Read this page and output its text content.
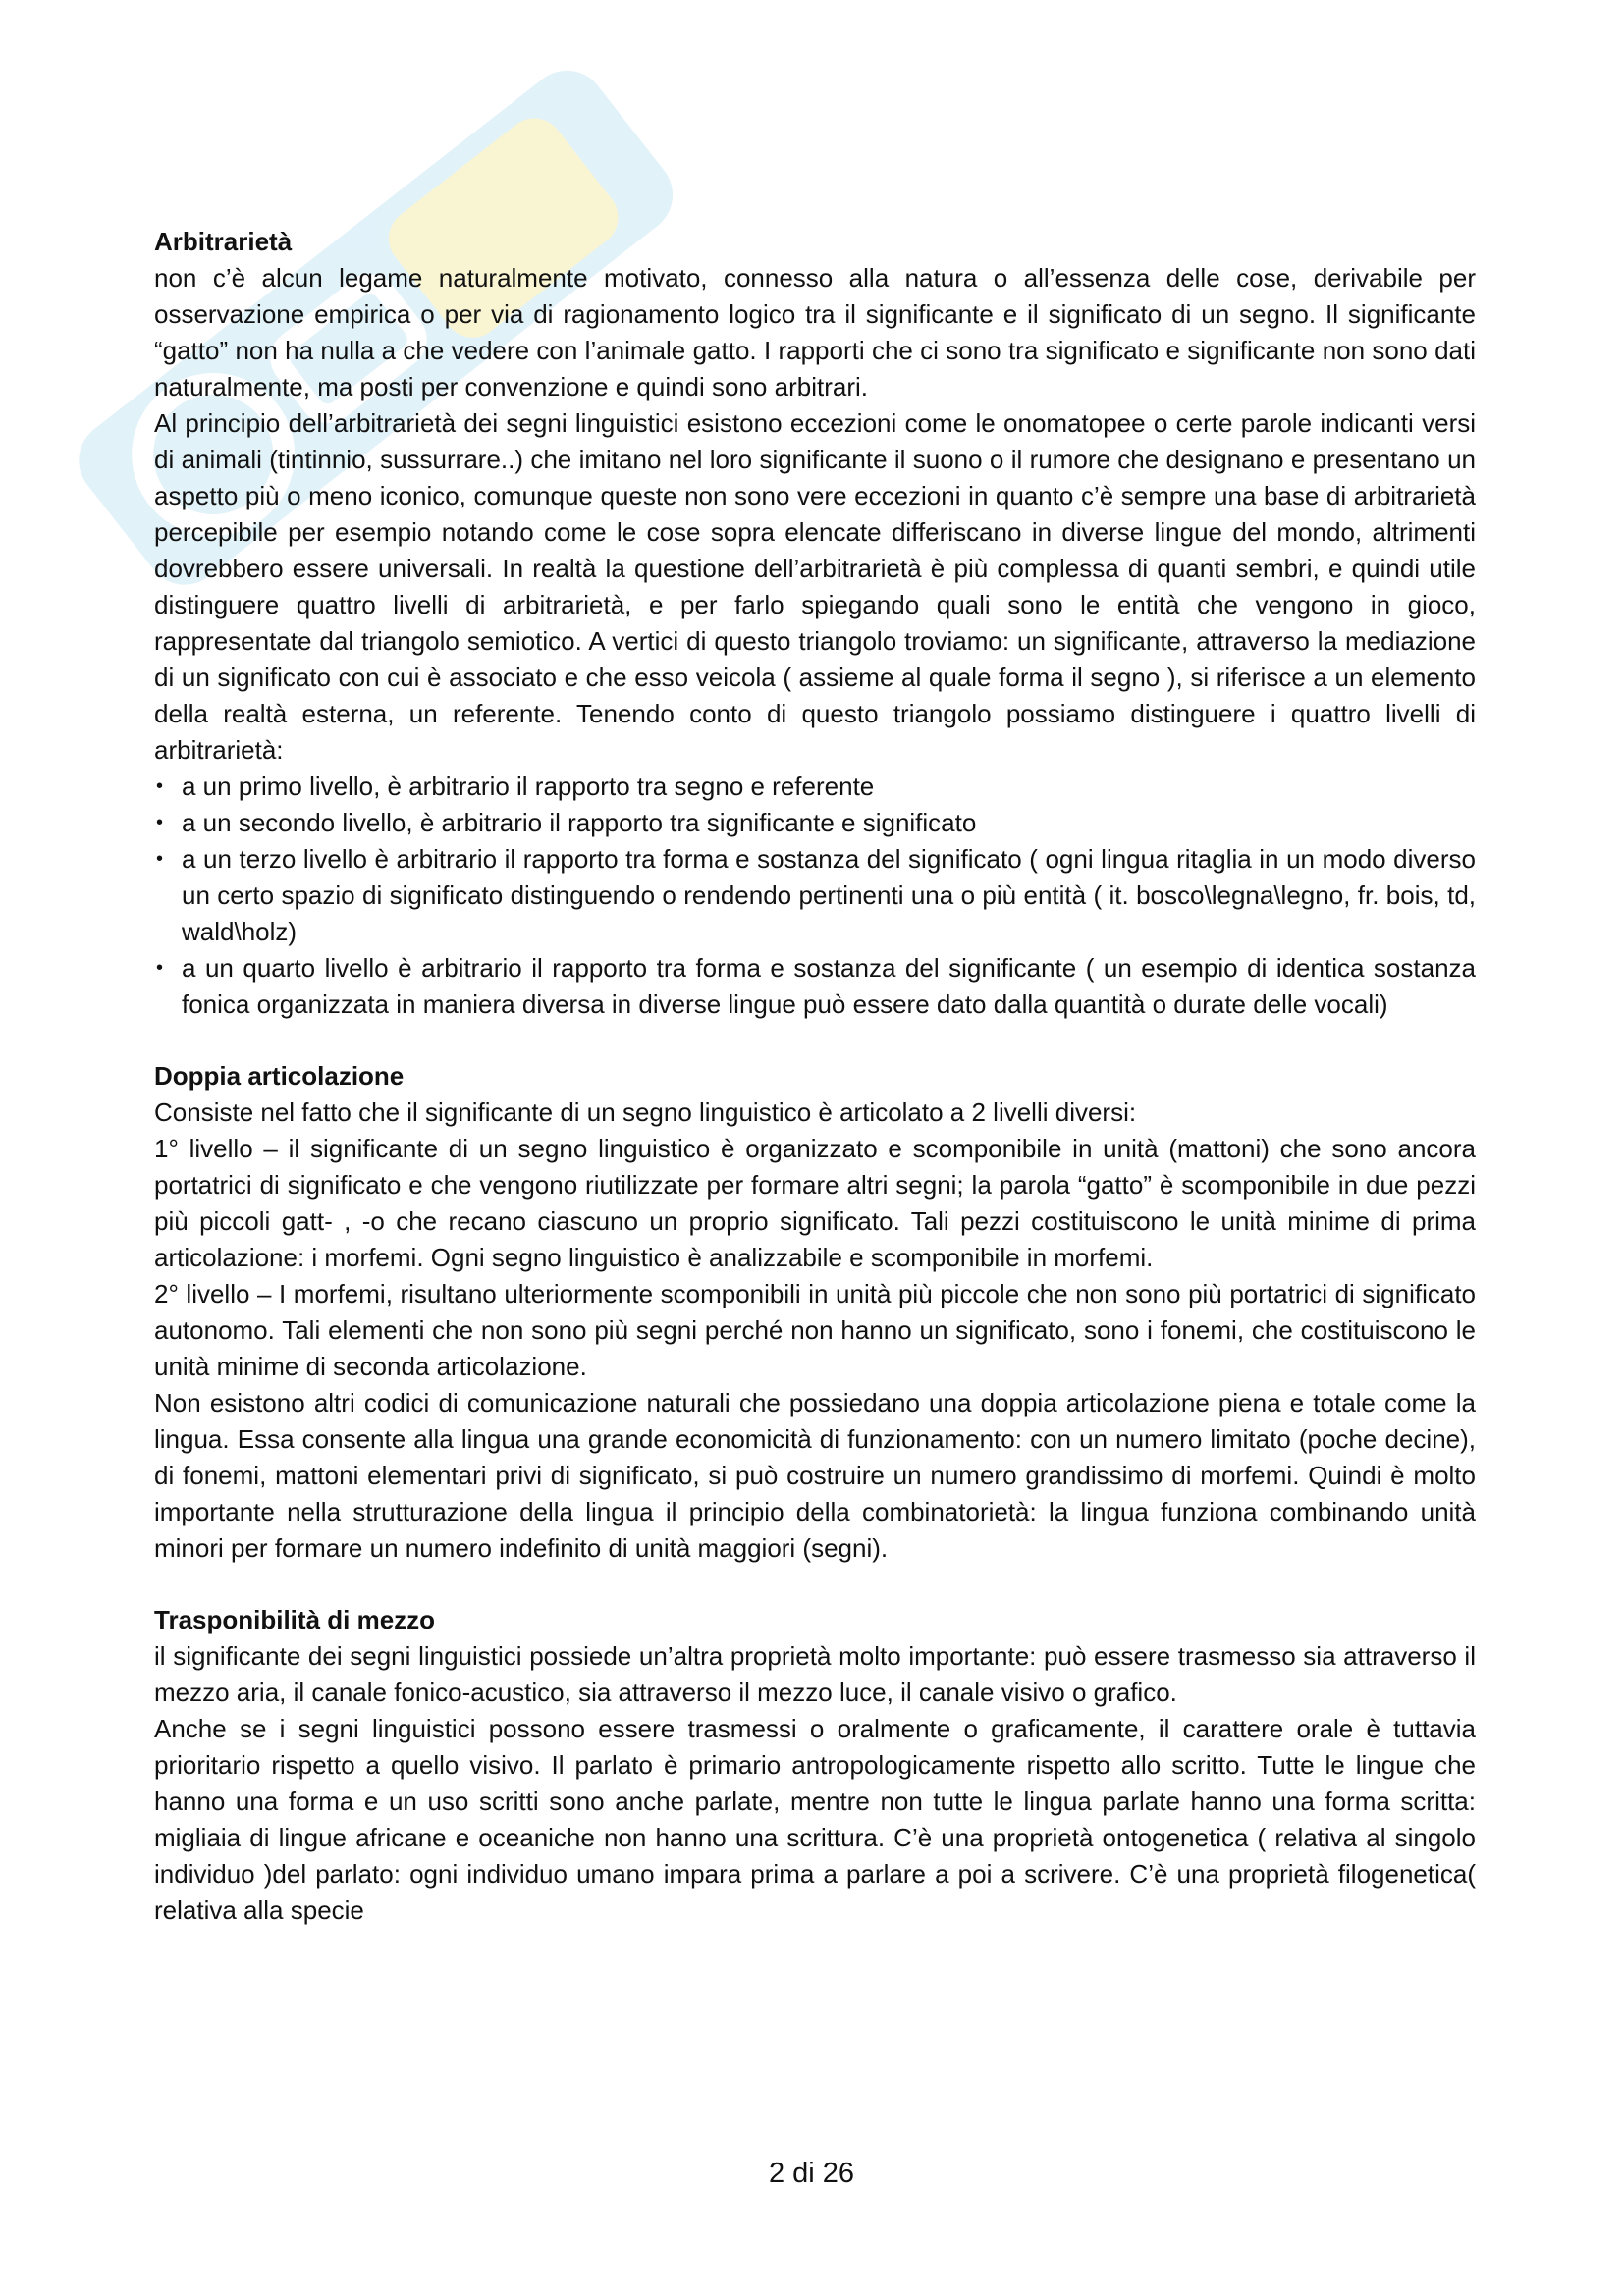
Arbitrarietà

non c’è alcun legame naturalmente motivato, connesso alla natura o all’essenza delle cose, derivabile per osservazione empirica o per via di ragionamento logico tra il significante e il significato di un segno. Il significante “gatto” non ha nulla a che vedere con l’animale gatto. I rapporti che ci sono tra significato e significante non sono dati naturalmente, ma posti per convenzione e quindi sono arbitrari.

Al principio dell’arbitrarietà dei segni linguistici esistono eccezioni come le onomatopee o certe parole indicanti versi di animali (tintinnio, sussurrare..) che imitano nel loro significante il suono o il rumore che designano e presentano un aspetto più o meno iconico, comunque queste non sono vere eccezioni in quanto c’è sempre una base di arbitrarietà percepibile per esempio notando come le cose sopra elencate differiscano in diverse lingue del mondo, altrimenti dovrebbero essere universali. In realtà la questione dell’arbitrarietà è più complessa di quanti sembri, e quindi utile distinguere quattro livelli di arbitrarietà, e per farlo spiegando quali sono le entità che vengono in gioco, rappresentate dal triangolo semiotico. A vertici di questo triangolo troviamo: un significante, attraverso la mediazione di un significato con cui è associato e che esso veicola ( assieme al quale forma il segno ), si riferisce a un elemento della realtà esterna, un referente. Tenendo conto di questo triangolo possiamo distinguere i quattro livelli di arbitrarietà:

• a un primo livello, è arbitrario il rapporto tra segno e referente
• a un secondo livello, è arbitrario il rapporto tra significante e significato
• a un terzo livello è arbitrario il rapporto tra forma e sostanza del significato ( ogni lingua ritaglia in un modo diverso un certo spazio di significato distinguendo o rendendo pertinenti una o più entità ( it. bosco\legna\legno, fr. bois, td, wald\holz)
• a un quarto livello è arbitrario il rapporto tra forma e sostanza del significante ( un esempio di identica sostanza fonica organizzata in maniera diversa in diverse lingue può essere dato dalla quantità o durate delle vocali)

Doppia articolazione

Consiste nel fatto che il significante di un segno linguistico è articolato a 2 livelli diversi:

1° livello – il significante di un segno linguistico è organizzato e scomponibile in unità (mattoni) che sono ancora portatrici di significato e che vengono riutilizzate per formare altri segni; la parola “gatto” è scomponibile in due pezzi più piccoli gatt- , -o che recano ciascuno un proprio significato. Tali pezzi costituiscono le unità minime di prima articolazione: i morfemi. Ogni segno linguistico è analizzabile e scomponibile in morfemi.

2° livello – I morfemi, risultano ulteriormente scomponibili in unità più piccole che non sono più portatrici di significato autonomo. Tali elementi che non sono più segni perché non hanno un significato, sono i fonemi, che costituiscono le unità minime di seconda articolazione.

Non esistono altri codici di comunicazione naturali che possiedano una doppia articolazione piena e totale come la lingua. Essa consente alla lingua una grande economicità di funzionamento: con un numero limitato (poche decine), di fonemi, mattoni elementari privi di significato, si può costruire un numero grandissimo di morfemi. Quindi è molto importante nella strutturazione della lingua il principio della combinatorietà: la lingua funziona combinando unità minori per formare un numero indefinito di unità maggiori (segni).

Trasponibilità di mezzo

il significante dei segni linguistici possiede un’altra proprietà molto importante: può essere trasmesso sia attraverso il mezzo aria, il canale fonico-acustico, sia attraverso il mezzo luce, il canale visivo o grafico.

Anche se i segni linguistici possono essere trasmessi o oralmente o graficamente, il carattere orale è tuttavia prioritario rispetto a quello visivo. Il parlato è primario antropologicamente rispetto allo scritto. Tutte le lingue che hanno una forma e un uso scritti sono anche parlate, mentre non tutte le lingua parlate hanno una forma scritta: migliaia di lingue africane e oceaniche non hanno una scrittura. C’è una proprietà ontogenetica ( relativa al singolo individuo )del parlato: ogni individuo umano impara prima a parlare a poi a scrivere. C’è una proprietà filogenetica( relativa alla specie

2 di 26
